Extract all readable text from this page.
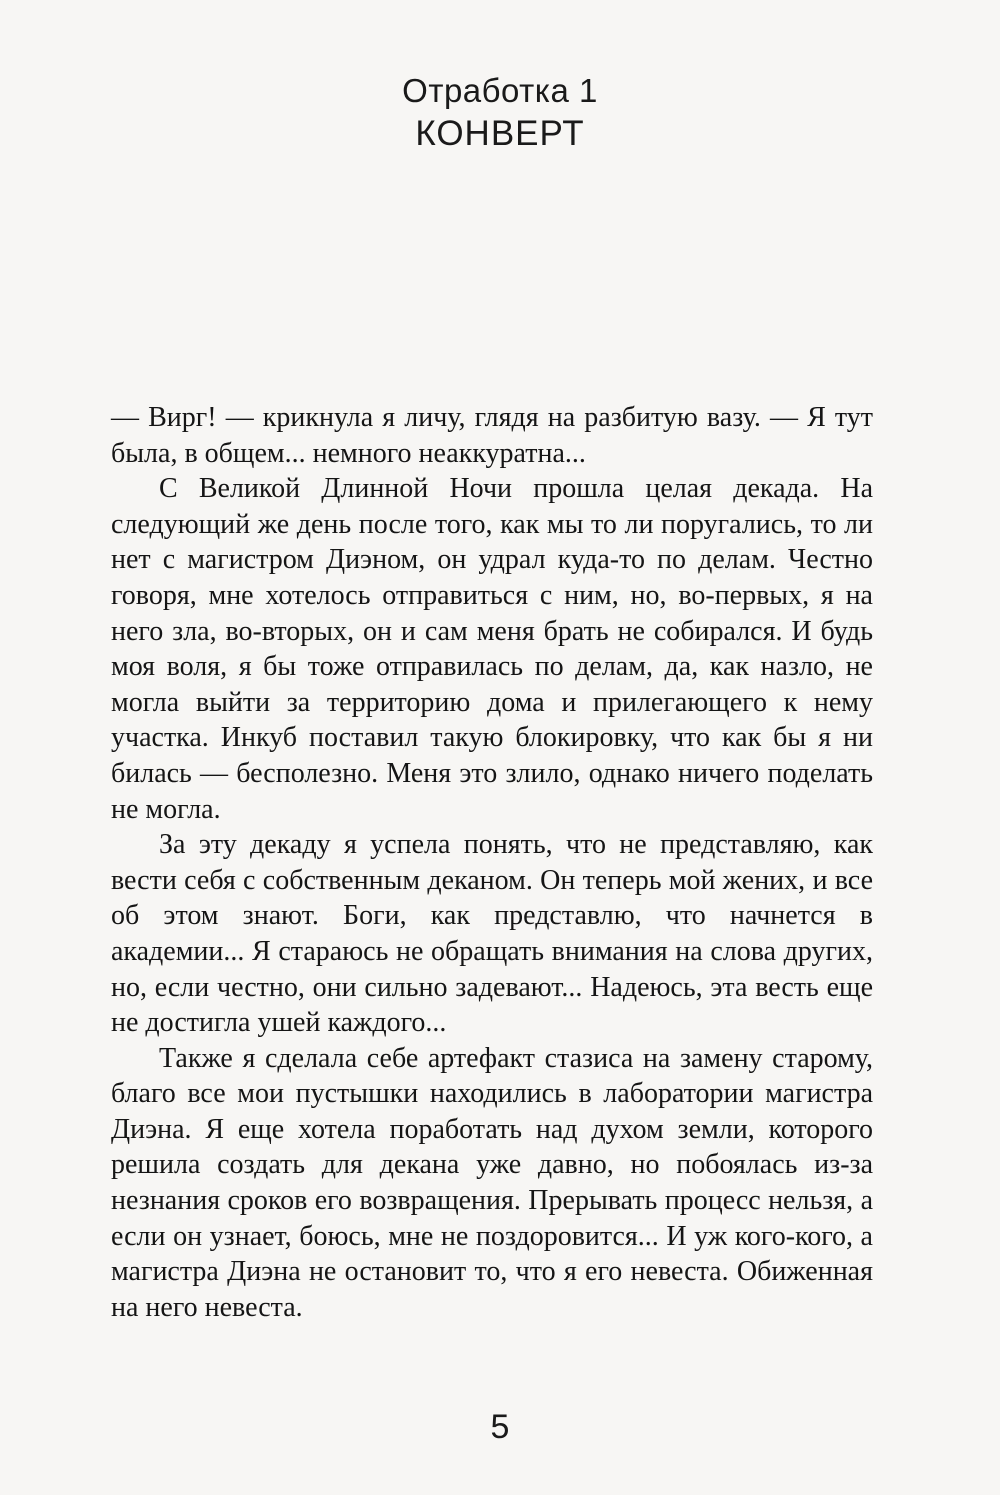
Отработка 1
КОНВЕРТ

— Вирг! — крикнула я личу, глядя на разбитую вазу. — Я тут была, в общем... немного неаккуратна...

С Великой Длинной Ночи прошла целая декада. На следующий же день после того, как мы то ли поругались, то ли нет с магистром Диэном, он удрал куда-то по делам. Честно говоря, мне хотелось отправиться с ним, но, во-первых, я на него зла, во-вторых, он и сам меня брать не собирался. И будь моя воля, я бы тоже отправилась по делам, да, как назло, не могла выйти за территорию дома и прилегающего к нему участка. Инкуб поставил такую блокировку, что как бы я ни билась — бесполезно. Меня это злило, однако ничего поделать не могла.

За эту декаду я успела понять, что не представляю, как вести себя с собственным деканом. Он теперь мой жених, и все об этом знают. Боги, как представлю, что начнется в академии... Я стараюсь не обращать внимания на слова других, но, если честно, они сильно задевают... Надеюсь, эта весть еще не достигла ушей каждого...

Также я сделала себе артефакт стазиса на замену старому, благо все мои пустышки находились в лаборатории магистра Диэна. Я еще хотела поработать над духом земли, которого решила создать для декана уже давно, но побоялась из-за незнания сроков его возвращения. Прерывать процесс нельзя, а если он узнает, боюсь, мне не поздоровится... И уж кого-кого, а магистра Диэна не остановит то, что я его невеста. Обиженная на него невеста.

5
